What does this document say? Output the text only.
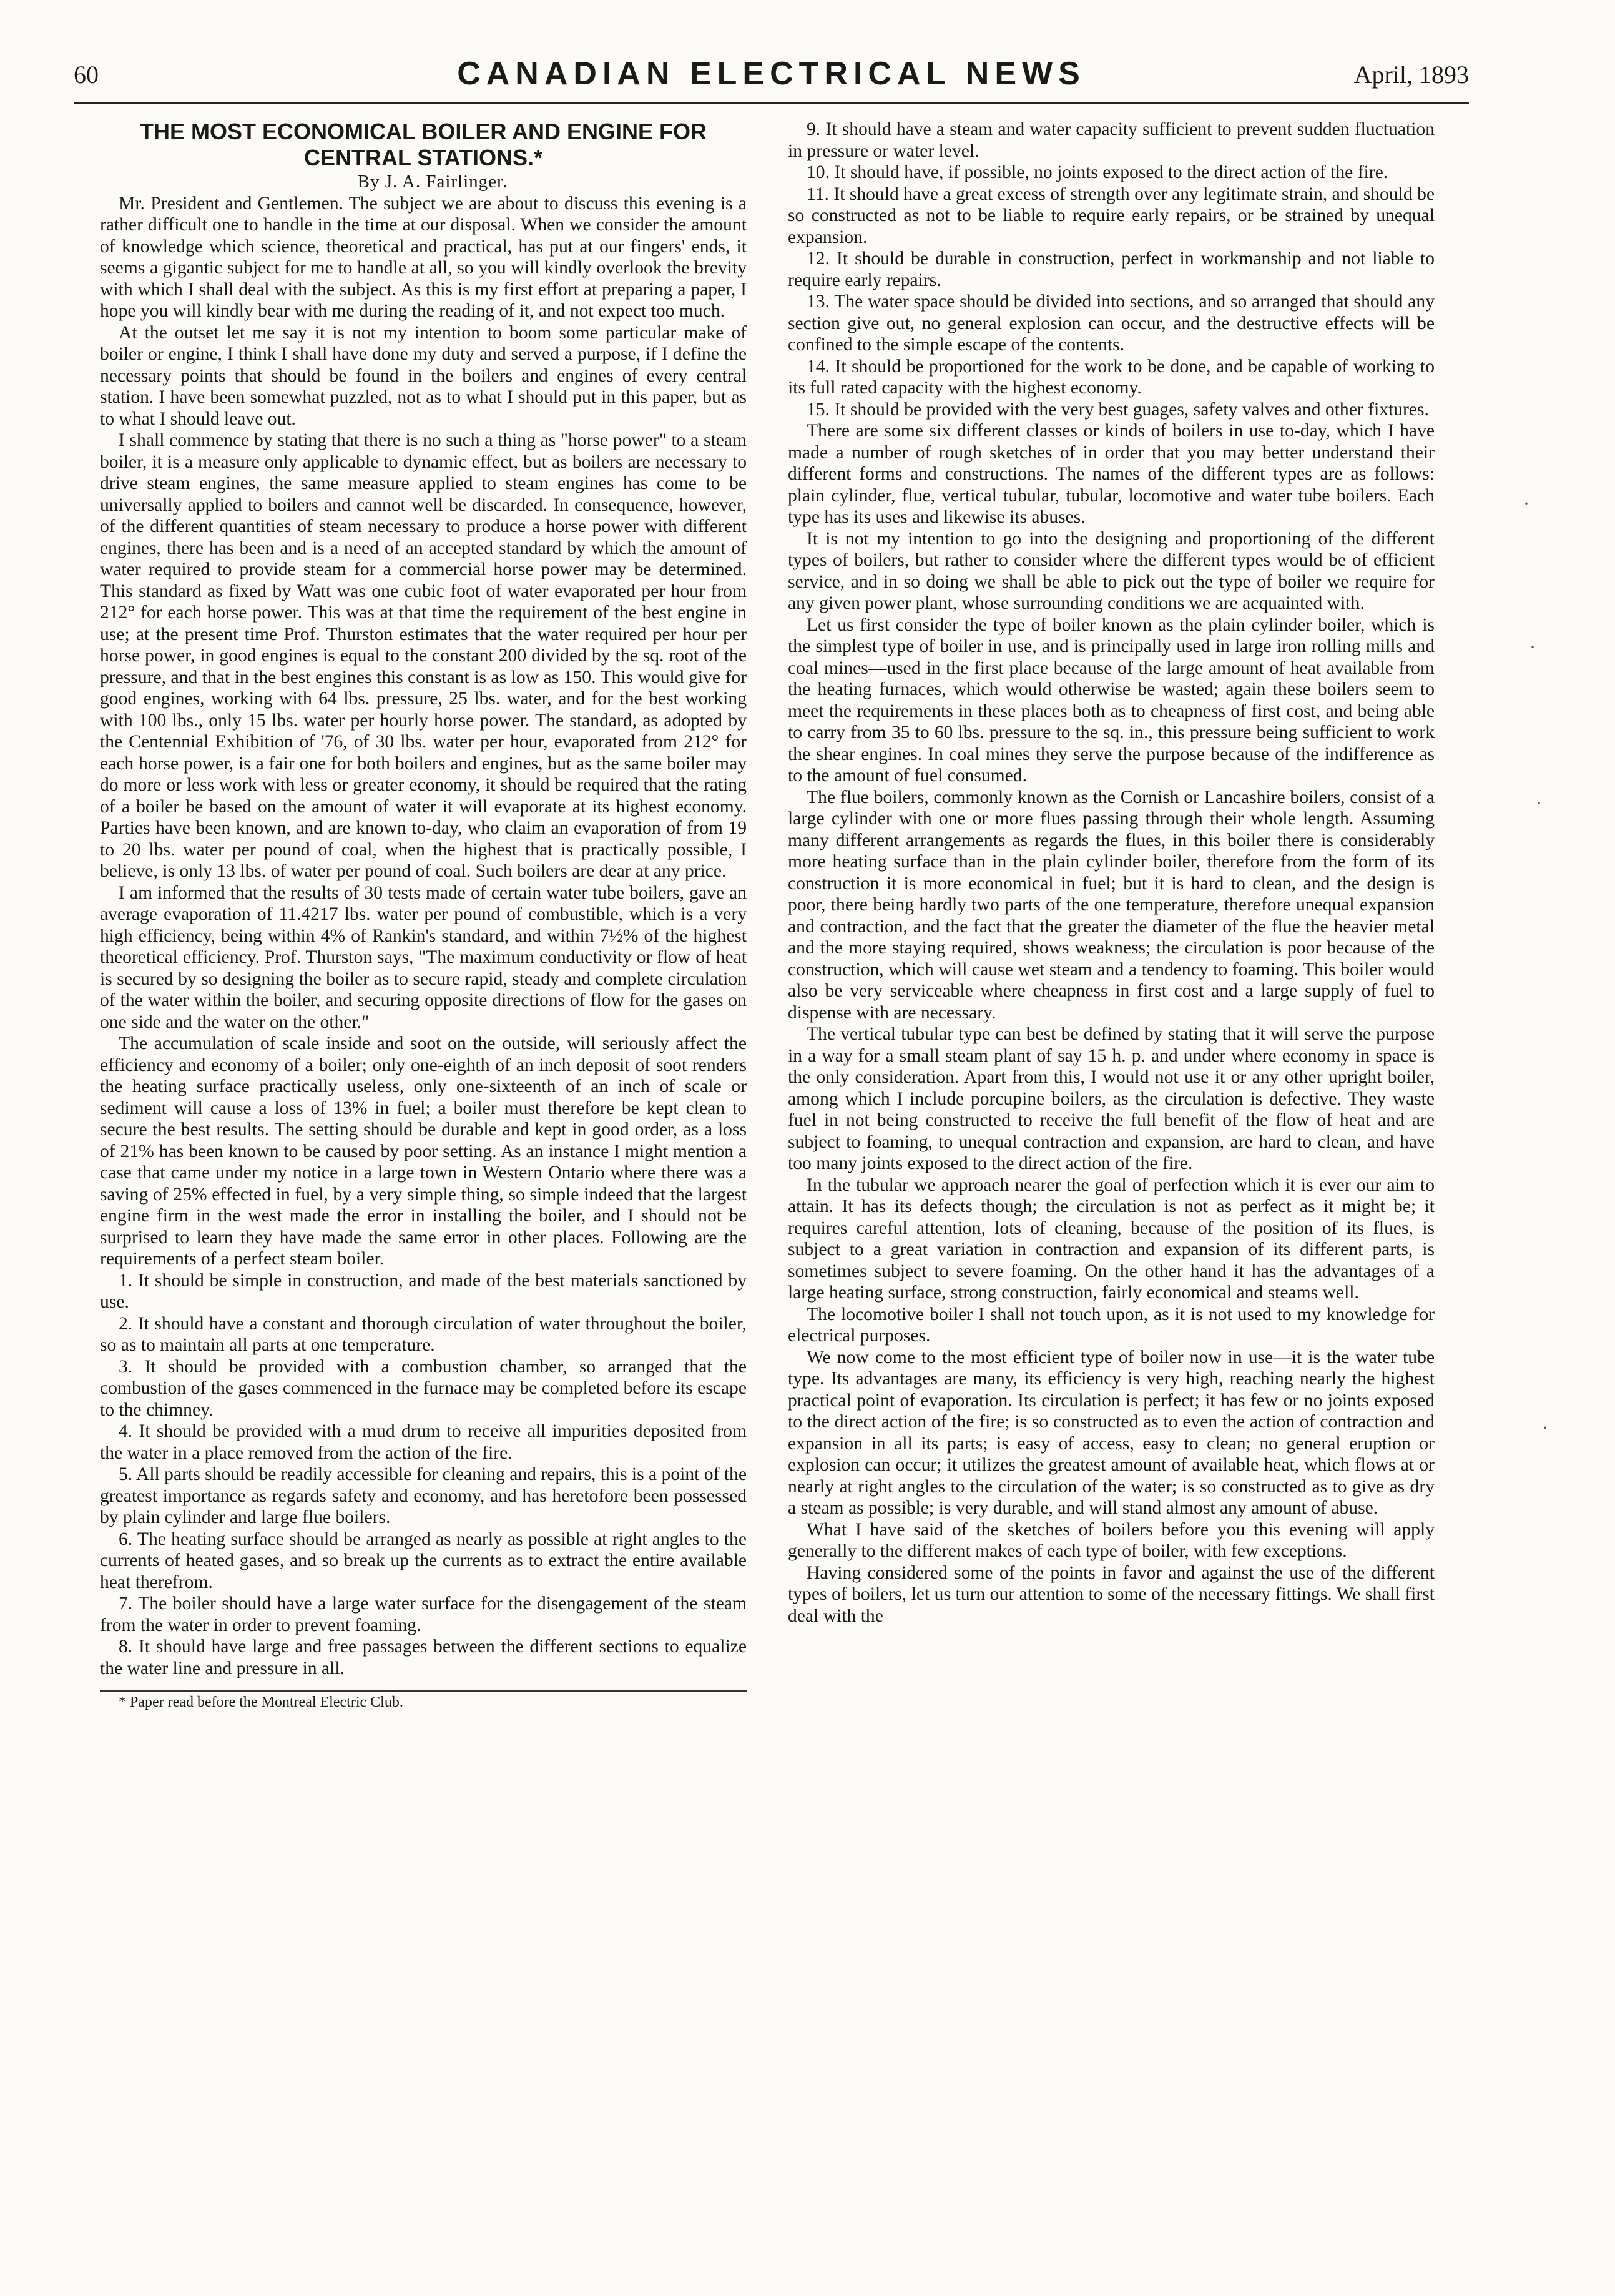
60	CANADIAN ELECTRICAL NEWS	April, 1893
THE MOST ECONOMICAL BOILER AND ENGINE FOR CENTRAL STATIONS.*

By J. A. Fairlinger.

Mr. President and Gentlemen. The subject we are about to discuss this evening is a rather difficult one to handle in the time at our disposal. When we consider the amount of knowledge which science, theoretical and practical, has put at our fingers' ends, it seems a gigantic subject for me to handle at all, so you will kindly overlook the brevity with which I shall deal with the subject. As this is my first effort at preparing a paper, I hope you will kindly bear with me during the reading of it, and not expect too much.

At the outset let me say it is not my intention to boom some particular make of boiler or engine, I think I shall have done my duty and served a purpose, if I define the necessary points that should be found in the boilers and engines of every central station. I have been somewhat puzzled, not as to what I should put in this paper, but as to what I should leave out.

I shall commence by stating that there is no such a thing as "horse power" to a steam boiler, it is a measure only applicable to dynamic effect, but as boilers are necessary to drive steam engines, the same measure applied to steam engines has come to be universally applied to boilers and cannot well be discarded. In consequence, however, of the different quantities of steam necessary to produce a horse power with different engines, there has been and is a need of an accepted standard by which the amount of water required to provide steam for a commercial horse power may be determined. This standard as fixed by Watt was one cubic foot of water evaporated per hour from 212° for each horse power. This was at that time the requirement of the best engine in use; at the present time Prof. Thurston estimates that the water required per hour per horse power, in good engines is equal to the constant 200 divided by the sq. root of the pressure, and that in the best engines this constant is as low as 150. This would give for good engines, working with 64 lbs. pressure, 25 lbs. water, and for the best working with 100 lbs., only 15 lbs. water per hourly horse power. The standard, as adopted by the Centennial Exhibition of '76, of 30 lbs. water per hour, evaporated from 212° for each horse power, is a fair one for both boilers and engines, but as the same boiler may do more or less work with less or greater economy, it should be required that the rating of a boiler be based on the amount of water it will evaporate at its highest economy. Parties have been known, and are known to-day, who claim an evaporation of from 19 to 20 lbs. water per pound of coal, when the highest that is practically possible, I believe, is only 13 lbs. of water per pound of coal. Such boilers are dear at any price.

I am informed that the results of 30 tests made of certain water tube boilers, gave an average evaporation of 11.4217 lbs. water per pound of combustible, which is a very high efficiency, being within 4% of Rankin's standard, and within 7½% of the highest theoretical efficiency. Prof. Thurston says, "The maximum conductivity or flow of heat is secured by so designing the boiler as to secure rapid, steady and complete circulation of the water within the boiler, and securing opposite directions of flow for the gases on one side and the water on the other."

The accumulation of scale inside and soot on the outside, will seriously affect the efficiency and economy of a boiler; only one-eighth of an inch deposit of soot renders the heating surface practically useless, only one-sixteenth of an inch of scale or sediment will cause a loss of 13% in fuel; a boiler must therefore be kept clean to secure the best results. The setting should be durable and kept in good order, as a loss of 21% has been known to be caused by poor setting. As an instance I might mention a case that came under my notice in a large town in Western Ontario where there was a saving of 25% effected in fuel, by a very simple thing, so simple indeed that the largest engine firm in the west made the error in installing the boiler, and I should not be surprised to learn they have made the same error in other places. Following are the requirements of a perfect steam boiler.

1. It should be simple in construction, and made of the best materials sanctioned by use.

2. It should have a constant and thorough circulation of water throughout the boiler, so as to maintain all parts at one temperature.

3. It should be provided with a combustion chamber, so arranged that the combustion of the gases commenced in the furnace may be completed before its escape to the chimney.

4. It should be provided with a mud drum to receive all impurities deposited from the water in a place removed from the action of the fire.

5. All parts should be readily accessible for cleaning and repairs, this is a point of the greatest importance as regards safety and economy, and has heretofore been possessed by plain cylinder and large flue boilers.

6. The heating surface should be arranged as nearly as possible at right angles to the currents of heated gases, and so break up the currents as to extract the entire available heat therefrom.

7. The boiler should have a large water surface for the disengagement of the steam from the water in order to prevent foaming.

8. It should have large and free passages between the different sections to equalize the water line and pressure in all.

* Paper read before the Montreal Electric Club.

9. It should have a steam and water capacity sufficient to prevent sudden fluctuation in pressure or water level.

10. It should have, if possible, no joints exposed to the direct action of the fire.

11. It should have a great excess of strength over any legitimate strain, and should be so constructed as not to be liable to require early repairs, or be strained by unequal expansion.

12. It should be durable in construction, perfect in workmanship and not liable to require early repairs.

13. The water space should be divided into sections, and so arranged that should any section give out, no general explosion can occur, and the destructive effects will be confined to the simple escape of the contents.

14. It should be proportioned for the work to be done, and be capable of working to its full rated capacity with the highest economy.

15. It should be provided with the very best guages, safety valves and other fixtures.

There are some six different classes or kinds of boilers in use to-day, which I have made a number of rough sketches of in order that you may better understand their different forms and constructions. The names of the different types are as follows: plain cylinder, flue, vertical tubular, tubular, locomotive and water tube boilers. Each type has its uses and likewise its abuses.

It is not my intention to go into the designing and proportioning of the different types of boilers, but rather to consider where the different types would be of efficient service, and in so doing we shall be able to pick out the type of boiler we require for any given power plant, whose surrounding conditions we are acquainted with.

Let us first consider the type of boiler known as the plain cylinder boiler, which is the simplest type of boiler in use, and is principally used in large iron rolling mills and coal mines—used in the first place because of the large amount of heat available from the heating furnaces, which would otherwise be wasted; again these boilers seem to meet the requirements in these places both as to cheapness of first cost, and being able to carry from 35 to 60 lbs. pressure to the sq. in., this pressure being sufficient to work the shear engines. In coal mines they serve the purpose because of the indifference as to the amount of fuel consumed.

The flue boilers, commonly known as the Cornish or Lancashire boilers, consist of a large cylinder with one or more flues passing through their whole length. Assuming many different arrangements as regards the flues, in this boiler there is considerably more heating surface than in the plain cylinder boiler, therefore from the form of its construction it is more economical in fuel; but it is hard to clean, and the design is poor, there being hardly two parts of the one temperature, therefore unequal expansion and contraction, and the fact that the greater the diameter of the flue the heavier metal and the more staying required, shows weakness; the circulation is poor because of the construction, which will cause wet steam and a tendency to foaming. This boiler would also be very serviceable where cheapness in first cost and a large supply of fuel to dispense with are necessary.

The vertical tubular type can best be defined by stating that it will serve the purpose in a way for a small steam plant of say 15 h. p. and under where economy in space is the only consideration. Apart from this, I would not use it or any other upright boiler, among which I include porcupine boilers, as the circulation is defective. They waste fuel in not being constructed to receive the full benefit of the flow of heat and are subject to foaming, to unequal contraction and expansion, are hard to clean, and have too many joints exposed to the direct action of the fire.

In the tubular we approach nearer the goal of perfection which it is ever our aim to attain. It has its defects though; the circulation is not as perfect as it might be; it requires careful attention, lots of cleaning, because of the position of its flues, is subject to a great variation in contraction and expansion of its different parts, is sometimes subject to severe foaming. On the other hand it has the advantages of a large heating surface, strong construction, fairly economical and steams well.

The locomotive boiler I shall not touch upon, as it is not used to my knowledge for electrical purposes.

We now come to the most efficient type of boiler now in use—it is the water tube type. Its advantages are many, its efficiency is very high, reaching nearly the highest practical point of evaporation. Its circulation is perfect; it has few or no joints exposed to the direct action of the fire; is so constructed as to even the action of contraction and expansion in all its parts; is easy of access, easy to clean; no general eruption or explosion can occur; it utilizes the greatest amount of available heat, which flows at or nearly at right angles to the circulation of the water; is so constructed as to give as dry a steam as possible; is very durable, and will stand almost any amount of abuse.

What I have said of the sketches of boilers before you this evening will apply generally to the different makes of each type of boiler, with few exceptions.

Having considered some of the points in favor and against the use of the different types of boilers, let us turn our attention to some of the necessary fittings. We shall first deal with the

·
·
·
·
